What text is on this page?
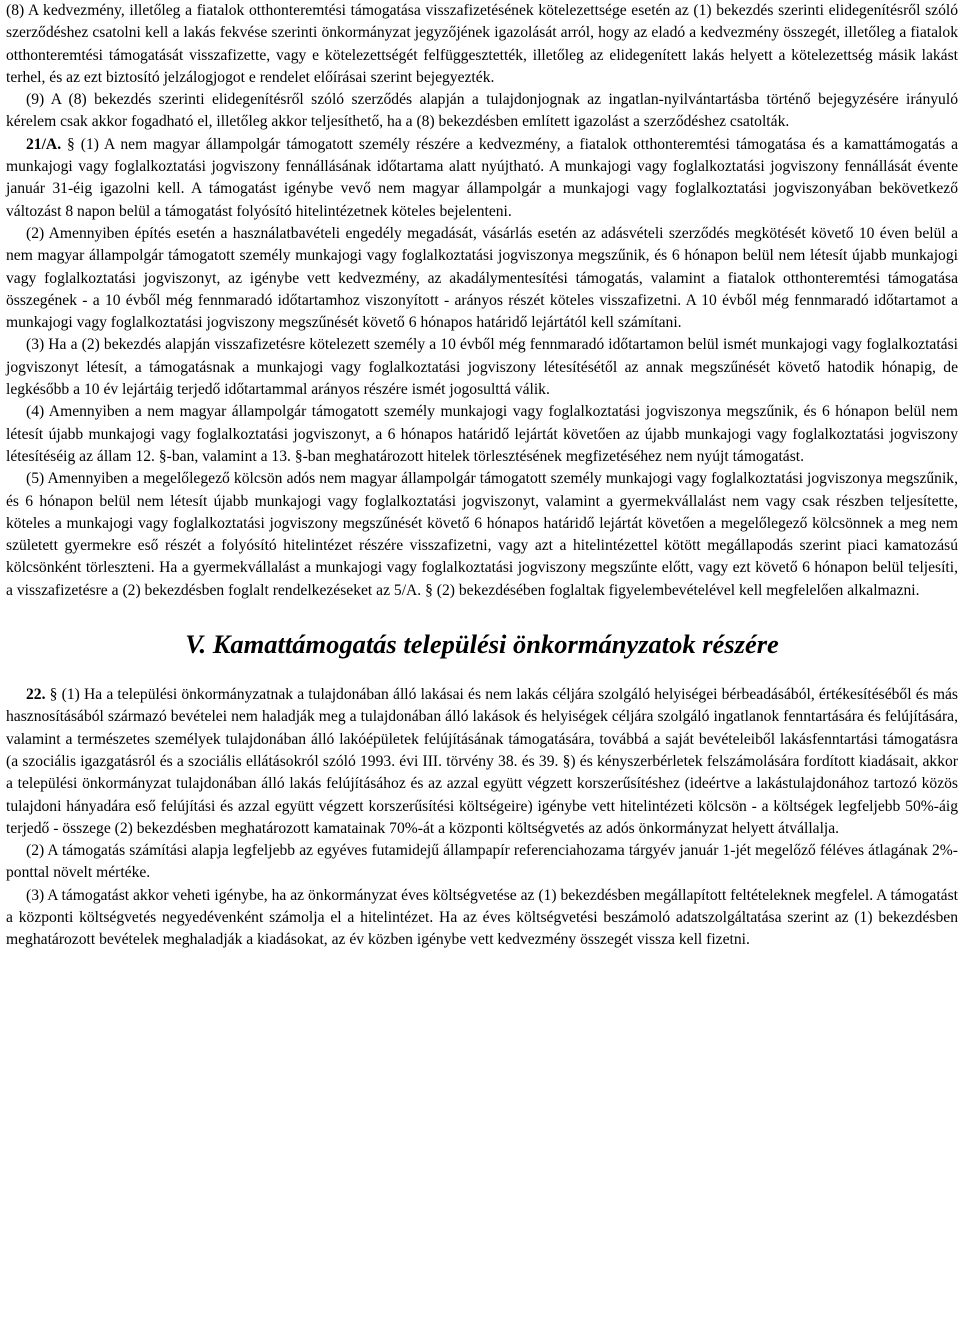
(8) A kedvezmény, illetőleg a fiatalok otthonteremtési támogatása visszafizetésének kötelezettsége esetén az (1) bekezdés szerinti elidegenítésről szóló szerződéshez csatolni kell a lakás fekvése szerinti önkormányzat jegyzőjének igazolását arról, hogy az eladó a kedvezmény összegét, illetőleg a fiatalok otthonteremtési támogatását visszafizette, vagy e kötelezettségét felfüggesztették, illetőleg az elidegenített lakás helyett a kötelezettség másik lakást terhel, és az ezt biztosító jelzálogjogot e rendelet előírásai szerint bejegyezték.

(9) A (8) bekezdés szerinti elidegenítésről szóló szerződés alapján a tulajdonjognak az ingatlan-nyilvántartásba történő bejegyzésére irányuló kérelem csak akkor fogadható el, illetőleg akkor teljesíthető, ha a (8) bekezdésben említett igazolást a szerződéshez csatolták.

21/A. § (1) A nem magyar állampolgár támogatott személy részére a kedvezmény, a fiatalok otthonteremtési támogatása és a kamattámogatás a munkajogi vagy foglalkoztatási jogviszony fennállásának időtartama alatt nyújtható. A munkajogi vagy foglalkoztatási jogviszony fennállását évente január 31-éig igazolni kell. A támogatást igénybe vevő nem magyar állampolgár a munkajogi vagy foglalkoztatási jogviszonyában bekövetkező változást 8 napon belül a támogatást folyósító hitelintézetnek köteles bejelenteni.

(2) Amennyiben építés esetén a használatbavételi engedély megadását, vásárlás esetén az adásvételi szerződés megkötését követő 10 éven belül a nem magyar állampolgár támogatott személy munkajogi vagy foglalkoztatási jogviszonya megszűnik, és 6 hónapon belül nem létesít újabb munkajogi vagy foglalkoztatási jogviszonyt, az igénybe vett kedvezmény, az akadálymentesítési támogatás, valamint a fiatalok otthonteremtési támogatása összegének - a 10 évből még fennmaradó időtartamhoz viszonyított - arányos részét köteles visszafizetni. A 10 évből még fennmaradó időtartamot a munkajogi vagy foglalkoztatási jogviszony megszűnését követő 6 hónapos határidő lejártától kell számítani.

(3) Ha a (2) bekezdés alapján visszafizetésre kötelezett személy a 10 évből még fennmaradó időtartamon belül ismét munkajogi vagy foglalkoztatási jogviszonyt létesít, a támogatásnak a munkajogi vagy foglalkoztatási jogviszony létesítésétől az annak megszűnését követő hatodik hónapig, de legkésőbb a 10 év lejártáig terjedő időtartammal arányos részére ismét jogosulttá válik.

(4) Amennyiben a nem magyar állampolgár támogatott személy munkajogi vagy foglalkoztatási jogviszonya megszűnik, és 6 hónapon belül nem létesít újabb munkajogi vagy foglalkoztatási jogviszonyt, a 6 hónapos határidő lejártát követően az újabb munkajogi vagy foglalkoztatási jogviszony létesítéséig az állam 12. §-ban, valamint a 13. §-ban meghatározott hitelek törlesztésének megfizetéséhez nem nyújt támogatást.

(5) Amennyiben a megelőlegező kölcsön adós nem magyar állampolgár támogatott személy munkajogi vagy foglalkoztatási jogviszonya megszűnik, és 6 hónapon belül nem létesít újabb munkajogi vagy foglalkoztatási jogviszonyt, valamint a gyermekvállalást nem vagy csak részben teljesítette, köteles a munkajogi vagy foglalkoztatási jogviszony megszűnését követő 6 hónapos határidő lejártát követően a megelőlegező kölcsönnek a meg nem született gyermekre eső részét a folyósító hitelintézet részére visszafizetni, vagy azt a hitelintézettel kötött megállapodás szerint piaci kamatozású kölcsönként törleszteni. Ha a gyermekvállalást a munkajogi vagy foglalkoztatási jogviszony megszűnte előtt, vagy ezt követő 6 hónapon belül teljesíti, a visszafizetésre a (2) bekezdésben foglalt rendelkezéseket az 5/A. § (2) bekezdésében foglaltak figyelembevételével kell megfelelően alkalmazni.

V. Kamattámogatás települési önkormányzatok részére

22. § (1) Ha a települési önkormányzatnak a tulajdonában álló lakásai és nem lakás céljára szolgáló helyiségei bérbeadásából, értékesítéséből és más hasznosításából származó bevételei nem haladják meg a tulajdonában álló lakások és helyiségek céljára szolgáló ingatlanok fenntartására és felújítására, valamint a természetes személyek tulajdonában álló lakóépületek felújításának támogatására, továbbá a saját bevételeiből lakásfenntartási támogatásra (a szociális igazgatásról és a szociális ellátásokról szóló 1993. évi III. törvény 38. és 39. §) és kényszerbérletek felszámolására fordított kiadásait, akkor a települési önkormányzat tulajdonában álló lakás felújításához és az azzal együtt végzett korszerűsítéshez (ideértve a lakástulajdonához tartozó közös tulajdoni hányadára eső felújítási és azzal együtt végzett korszerűsítési költségeire) igénybe vett hitelintézeti kölcsön - a költségek legfeljebb 50%-áig terjedő - összege (2) bekezdésben meghatározott kamatainak 70%-át a központi költségvetés az adós önkormányzat helyett átvállalja.

(2) A támogatás számítási alapja legfeljebb az egyéves futamidejű állampapír referenciahozama tárgyév január 1-jét megelőző féléves átlagának 2%-ponttal növelt mértéke.

(3) A támogatást akkor veheti igénybe, ha az önkormányzat éves költségvetése az (1) bekezdésben megállapított feltételeknek megfelel. A támogatást a központi költségvetés negyedévenként számolja el a hitelintézet. Ha az éves költségvetési beszámoló adatszolgáltatása szerint az (1) bekezdésben meghatározott bevételek meghaladják a kiadásokat, az év közben igénybe vett kedvezmény összegét vissza kell fizetni.
